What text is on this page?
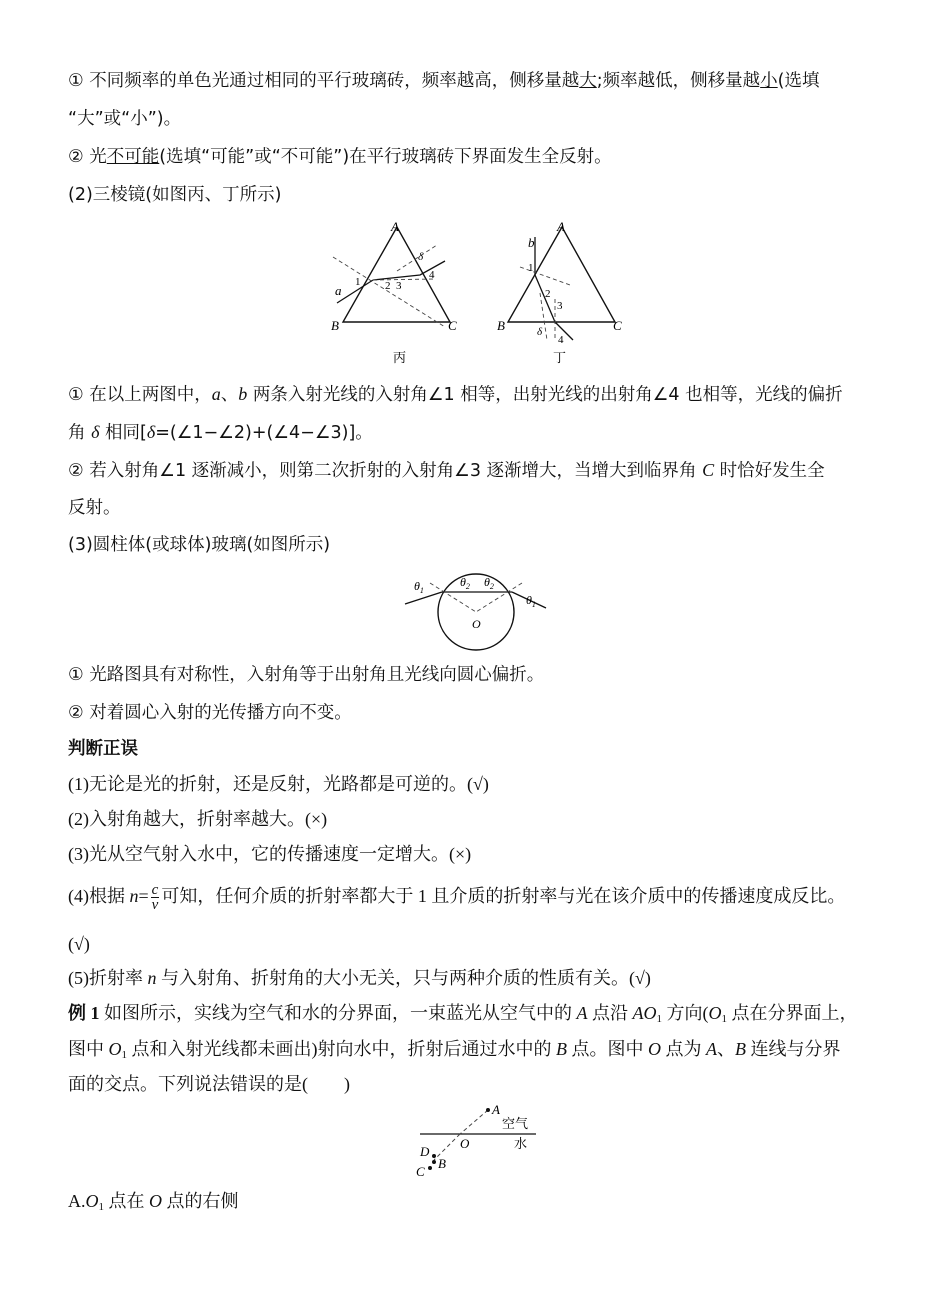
① 不同频率的单色光通过相同的平行玻璃砖，频率越高，侧移量越大;频率越低，侧移量越小(选填
“大”或“小”)。
② 光不可能(选填“可能”或“不可能”)在平行玻璃砖下界面发生全反射。
(2)三棱镜(如图丙、丁所示)
a
A
B	C
1 2 3
4
δ
丙
b
A
B	C
1
2
3
4
δ
丁
① 在以上两图中，a、b 两条入射光线的入射角∠1 相等，出射光线的出射角∠4 也相等，光线的偏折
角 δ 相同[δ=(∠1−∠2)+(∠4−∠3)]。
② 若入射角∠1 逐渐减小，则第二次折射的入射角∠3 逐渐增大，当增大到临界角 C 时恰好发生全
反射。
(3)圆柱体(或球体)玻璃(如图所示)
$\theta_1$
$\theta_2$ $\theta_2$
$\theta_1$
O
① 光路图具有对称性，入射角等于出射角且光线向圆心偏折。
② 对着圆心入射的光传播方向不变。
判断正误
(1)无论是光的折射，还是反射，光路都是可逆的。(√)
(2)入射角越大，折射率越大。(×)
(3)光从空气射入水中，它的传播速度一定增大。(×)
(4)根据 $n= \frac{c}{v}$ 可知，任何介质的折射率都大于 1 且介质的折射率与光在该介质中的传播速度成反比。
(√)
(5)折射率 n 与入射角、折射角的大小无关，只与两种介质的性质有关。(√)
例 1 如图所示，实线为空气和水的分界面，一束蓝光从空气中的 A 点沿 $AO_1$ 方向($O_1$ 点在分界面上，
图中 $O_1$ 点和入射光线都未画出)射向水中，折射后通过水中的 B 点。图中 O 点为 A、B 连线与分界
面的交点。下列说法错误的是(　　)
A
O
D
B
C
空气
水
$A.O_1$ 点在 O 点的右侧
